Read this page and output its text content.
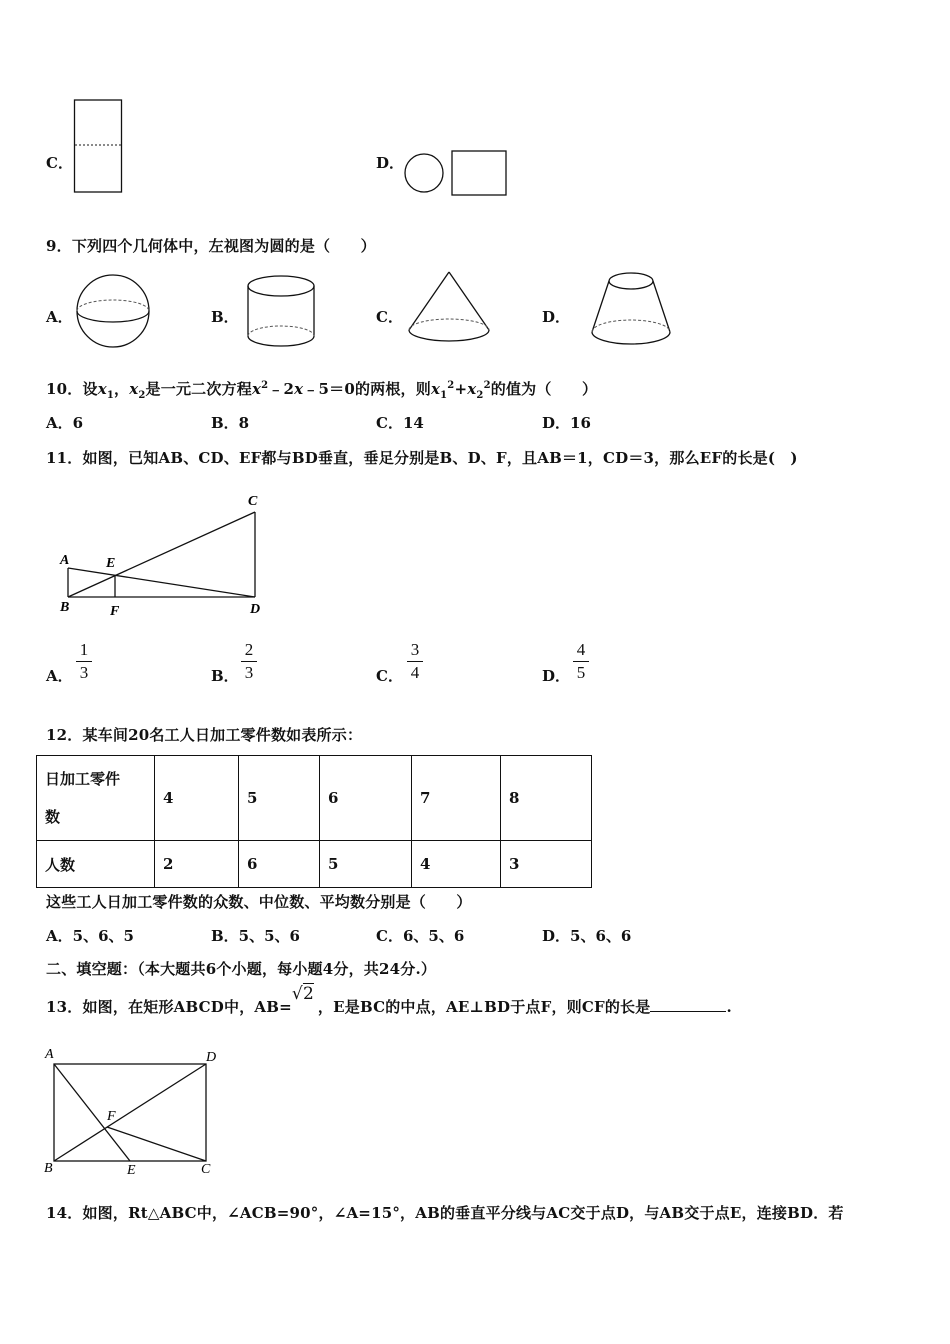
C．	D．
9．下列四个几何体中，左视图为圆的是（　　）
A．	B．	C．	D．
10．设$x_1$，$x_2$是一元二次方程$x^2﹣2x﹣5=0$的两根，则$x_1^2+x_2^2$的值为（　　）
A．6	B．8	C．14	D．16
11．如图，已知AB、CD、EF都与BD垂直，垂足分别是B、D、F，且AB＝1，CD＝3，那么EF的长是(　)
A
B
C
D
E
F
A．
1
3	B．
2
3	C．
3
4	D．
4
5
12．某车间20名工人日加工零件数如表所示：
日加工零件
数	4	5	6	7	8
人数	2	6	5	4	3
这些工人日加工零件数的众数、中位数、平均数分别是（　　）
A．5、6、5	B．5、5、6	C．6、5、6	D．5、6、6
二、填空题：（本大题共6个小题，每小题4分，共24分.）
13．如图，在矩形ABCD中，AB=
√2
，E是BC的中点，AE⊥BD于点F，则CF的长是	.
A
B	C
D
E
F
14．如图，Rt△ABC中，∠ACB=90°，∠A=15°，AB的垂直平分线与AC交于点D，与AB交于点E，连接BD．若
